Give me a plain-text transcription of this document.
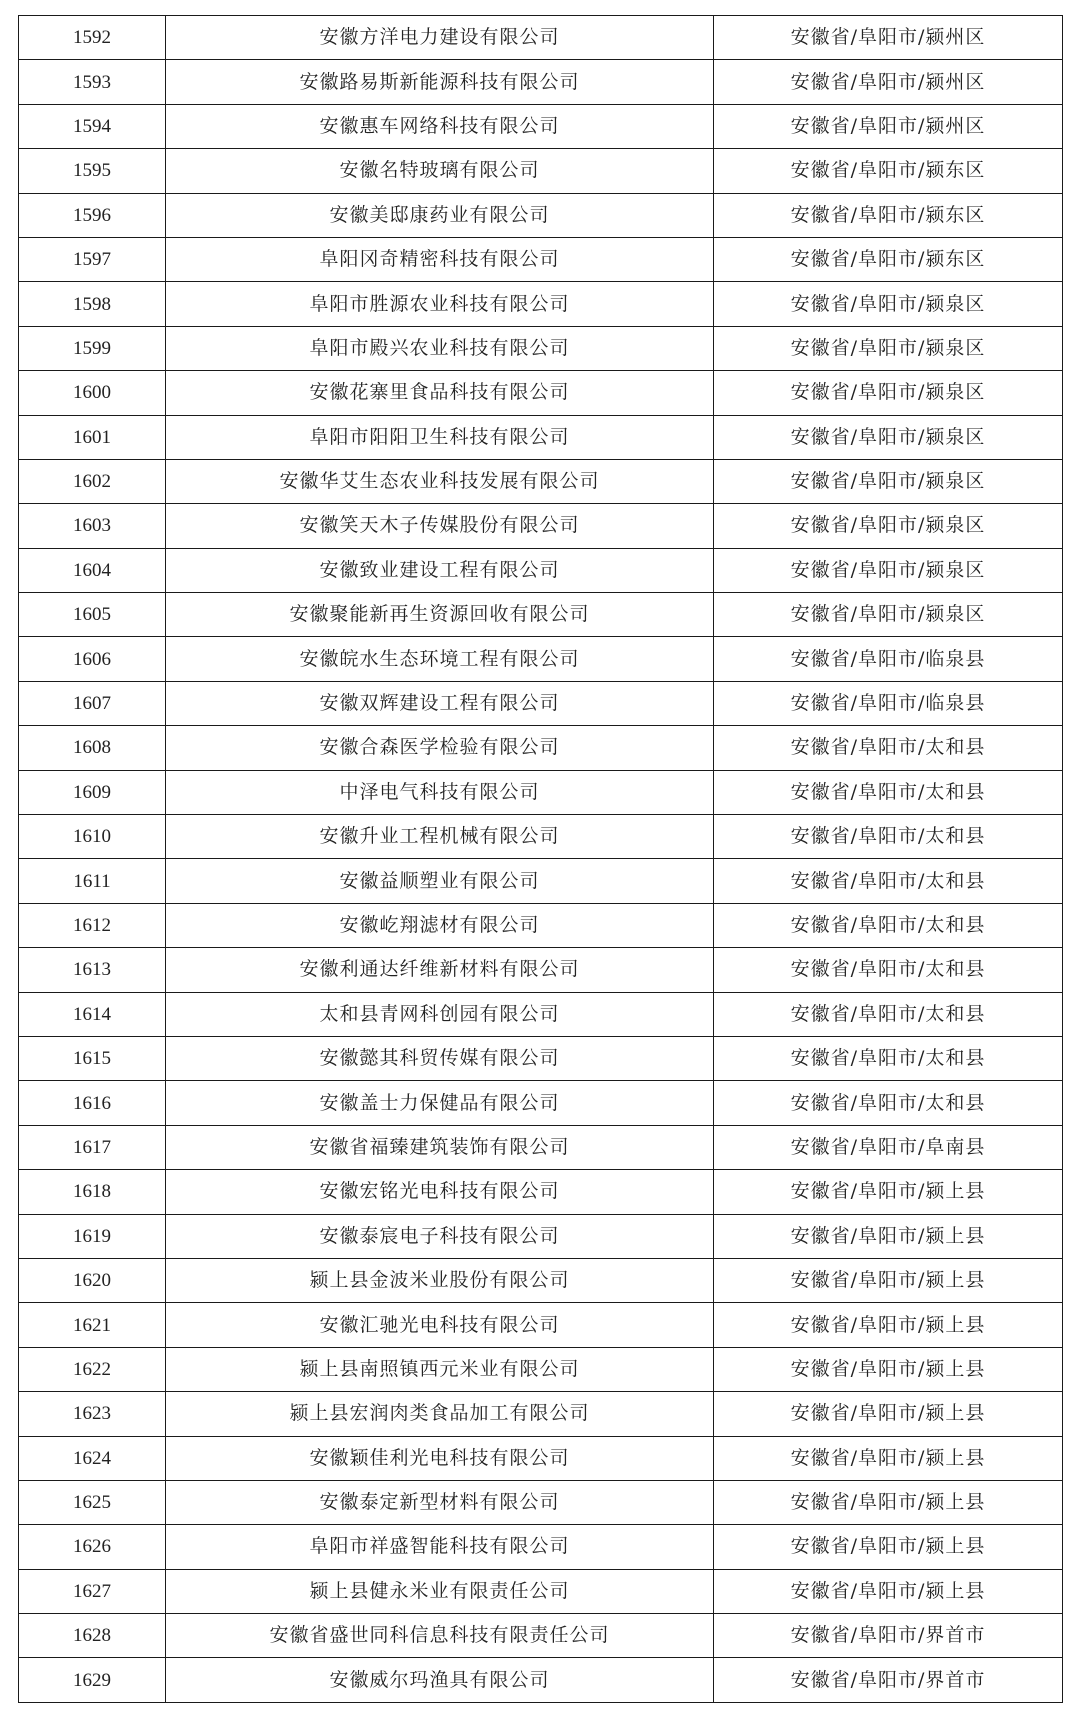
1592	安徽方洋电力建设有限公司	安徽省/阜阳市/颍州区
1593	安徽路易斯新能源科技有限公司	安徽省/阜阳市/颍州区
1594	安徽惠车网络科技有限公司	安徽省/阜阳市/颍州区
1595	安徽名特玻璃有限公司	安徽省/阜阳市/颍东区
1596	安徽美邸康药业有限公司	安徽省/阜阳市/颍东区
1597	阜阳冈奇精密科技有限公司	安徽省/阜阳市/颍东区
1598	阜阳市胜源农业科技有限公司	安徽省/阜阳市/颍泉区
1599	阜阳市殿兴农业科技有限公司	安徽省/阜阳市/颍泉区
1600	安徽花寨里食品科技有限公司	安徽省/阜阳市/颍泉区
1601	阜阳市阳阳卫生科技有限公司	安徽省/阜阳市/颍泉区
1602	安徽华艾生态农业科技发展有限公司	安徽省/阜阳市/颍泉区
1603	安徽笑天木子传媒股份有限公司	安徽省/阜阳市/颍泉区
1604	安徽致业建设工程有限公司	安徽省/阜阳市/颍泉区
1605	安徽聚能新再生资源回收有限公司	安徽省/阜阳市/颍泉区
1606	安徽皖水生态环境工程有限公司	安徽省/阜阳市/临泉县
1607	安徽双辉建设工程有限公司	安徽省/阜阳市/临泉县
1608	安徽合森医学检验有限公司	安徽省/阜阳市/太和县
1609	中泽电气科技有限公司	安徽省/阜阳市/太和县
1610	安徽升业工程机械有限公司	安徽省/阜阳市/太和县
1611	安徽益顺塑业有限公司	安徽省/阜阳市/太和县
1612	安徽屹翔滤材有限公司	安徽省/阜阳市/太和县
1613	安徽利通达纤维新材料有限公司	安徽省/阜阳市/太和县
1614	太和县青网科创园有限公司	安徽省/阜阳市/太和县
1615	安徽懿其科贸传媒有限公司	安徽省/阜阳市/太和县
1616	安徽盖士力保健品有限公司	安徽省/阜阳市/太和县
1617	安徽省福臻建筑装饰有限公司	安徽省/阜阳市/阜南县
1618	安徽宏铭光电科技有限公司	安徽省/阜阳市/颍上县
1619	安徽泰宸电子科技有限公司	安徽省/阜阳市/颍上县
1620	颍上县金波米业股份有限公司	安徽省/阜阳市/颍上县
1621	安徽汇驰光电科技有限公司	安徽省/阜阳市/颍上县
1622	颍上县南照镇西元米业有限公司	安徽省/阜阳市/颍上县
1623	颍上县宏润肉类食品加工有限公司	安徽省/阜阳市/颍上县
1624	安徽颖佳利光电科技有限公司	安徽省/阜阳市/颍上县
1625	安徽泰定新型材料有限公司	安徽省/阜阳市/颍上县
1626	阜阳市祥盛智能科技有限公司	安徽省/阜阳市/颍上县
1627	颍上县健永米业有限责任公司	安徽省/阜阳市/颍上县
1628	安徽省盛世同科信息科技有限责任公司	安徽省/阜阳市/界首市
1629	安徽威尔玛渔具有限公司	安徽省/阜阳市/界首市
